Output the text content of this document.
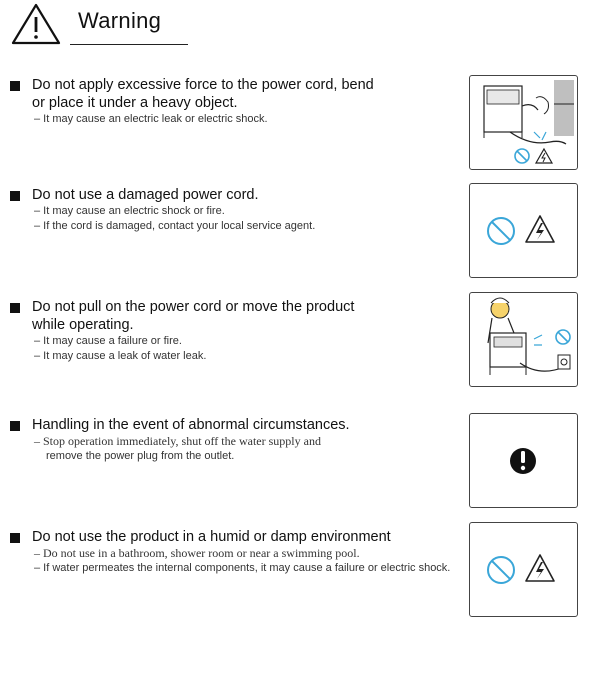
Warning
Do not apply excessive force to the power cord, bend
or place it under a heavy object.
– It may cause an electric leak or electric shock.
Do not use a damaged power cord.
– It may cause an electric shock or fire.
– If the cord is damaged, contact your local service agent.
Do not pull on the power cord or move the product
while operating.
– It may cause a failure or fire.
– It may cause a leak of water leak.
Handling in the event of abnormal circumstances.
– Stop operation immediately, shut off the water supply and
remove the power plug from the outlet.
Do not use the product in a humid or damp environment
– Do not use in a bathroom, shower room or near a swimming pool.
– If water permeates the internal components, it may cause a failure or electric shock.
